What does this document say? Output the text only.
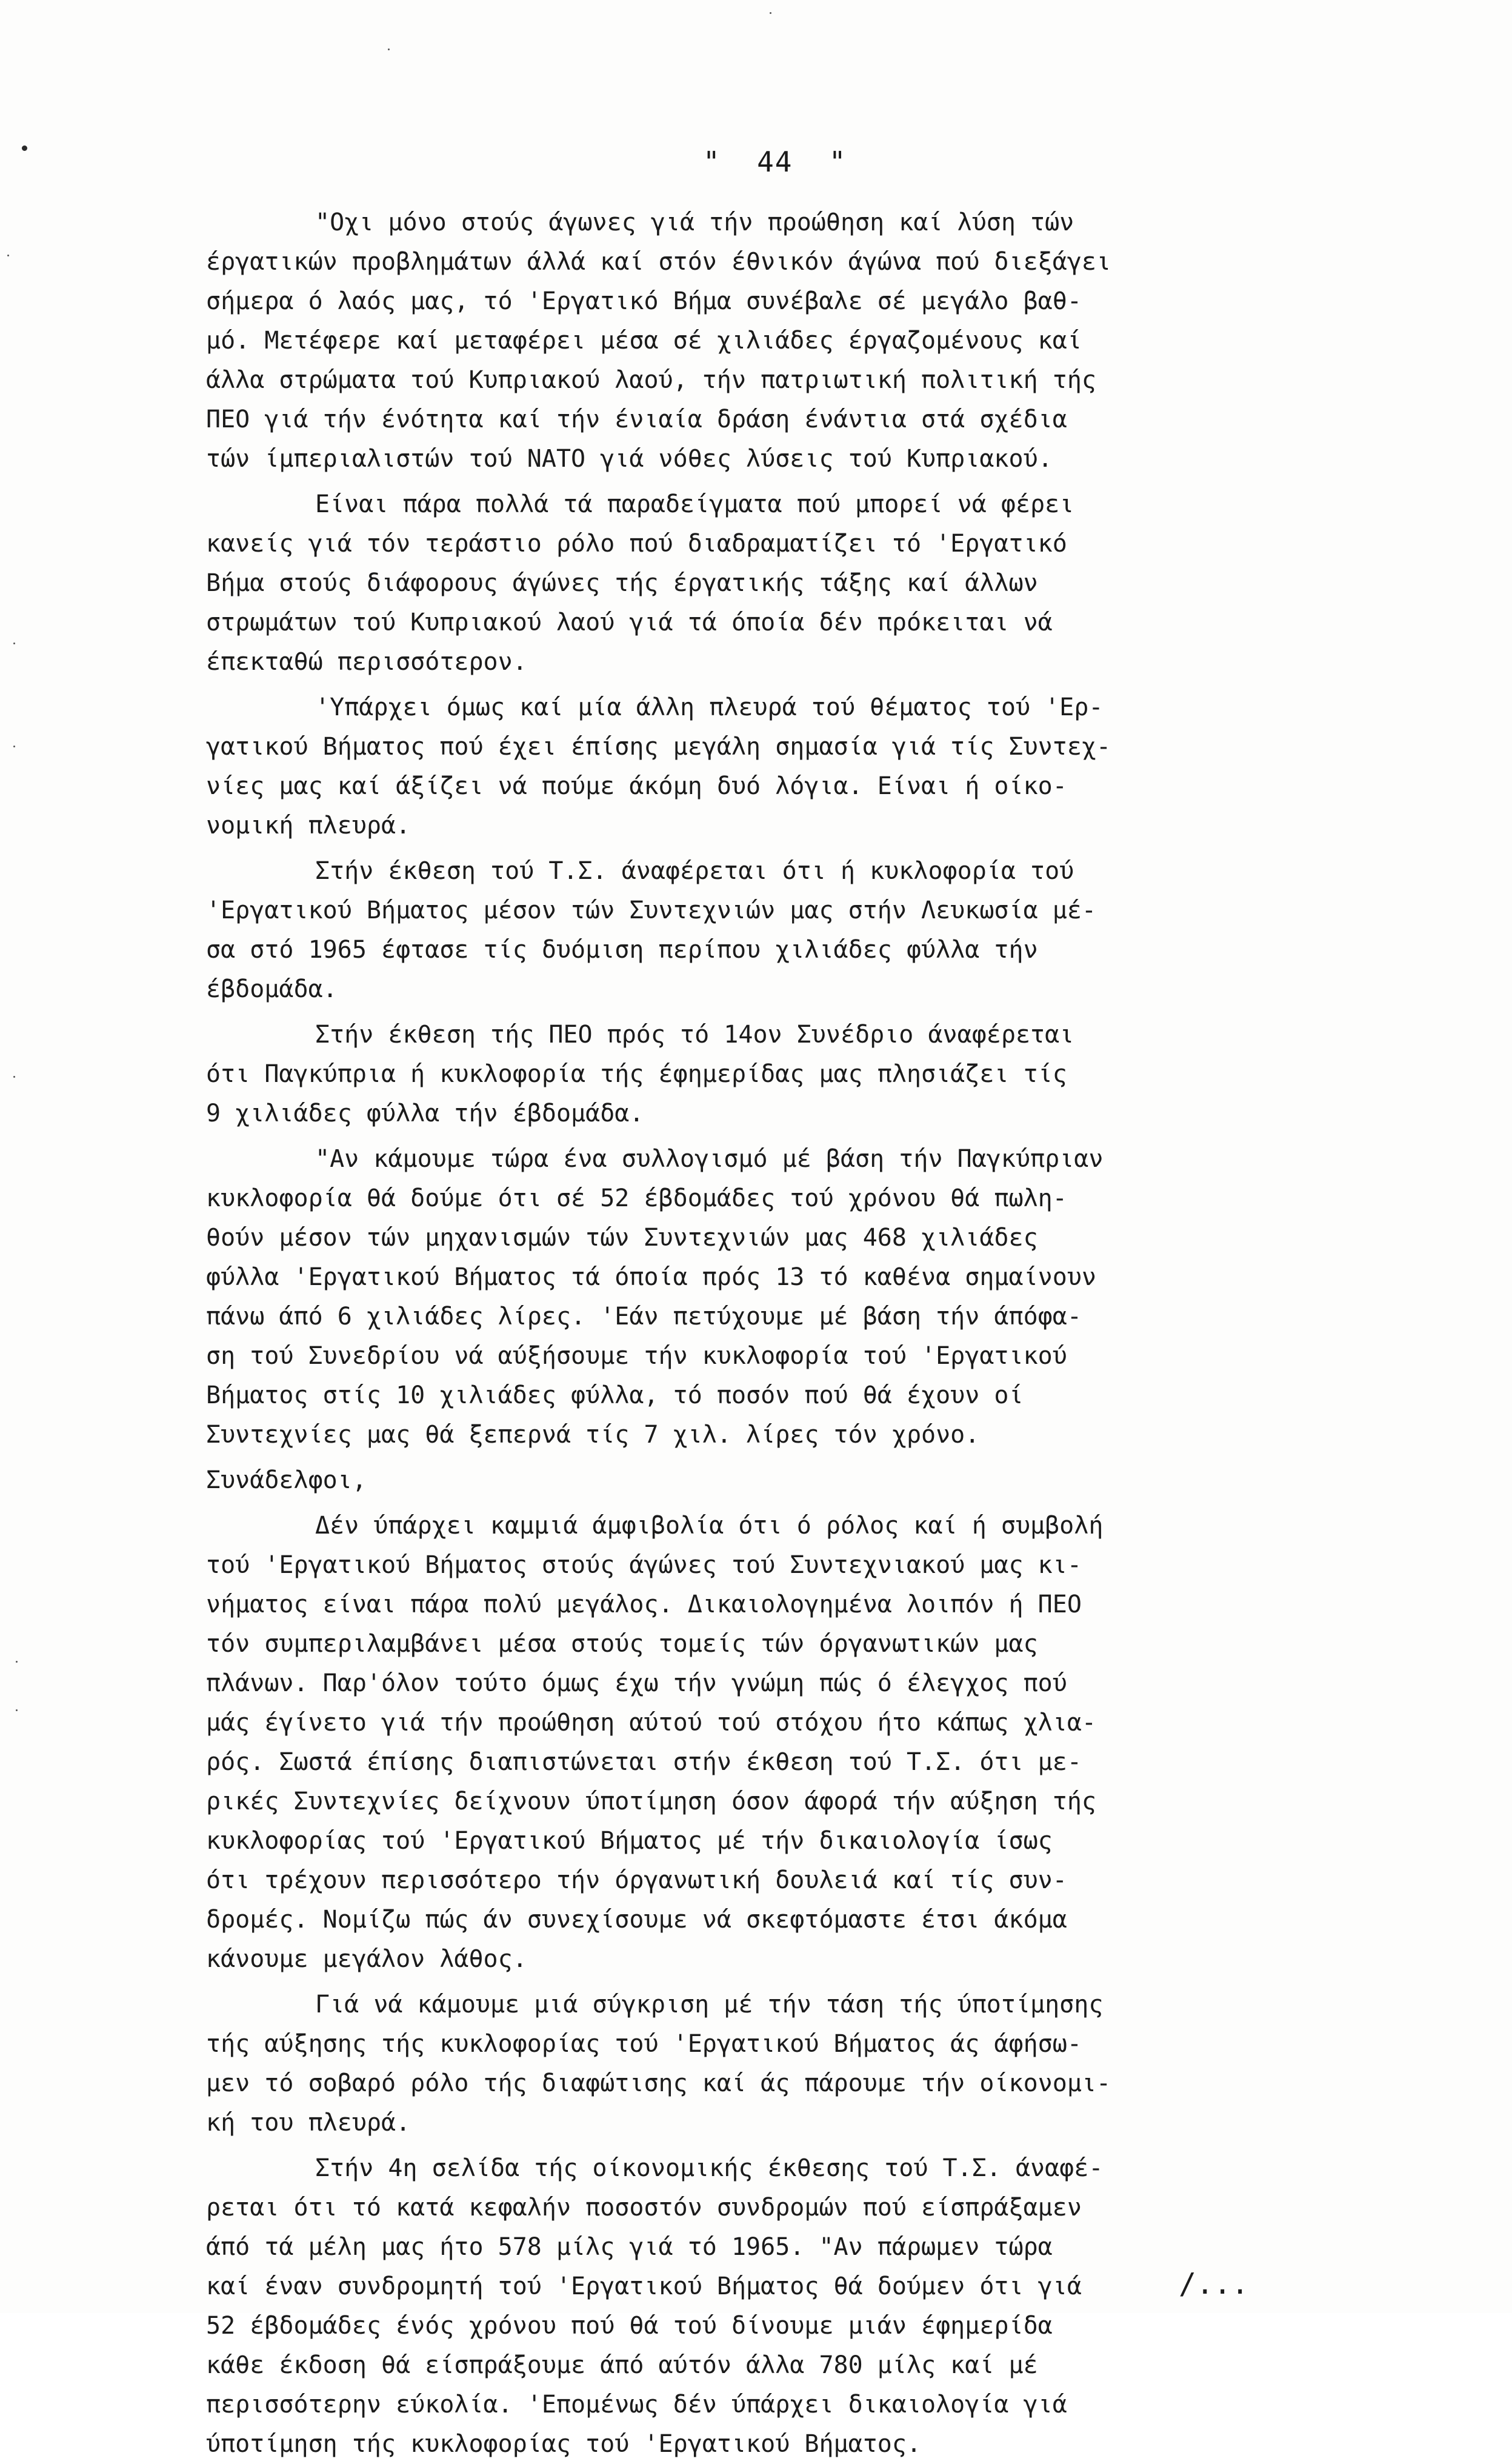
"  44  "
Συνάδελφοι,
/...
"Οχι μόνο στούς άγωνες γιά τήν προώθηση καί λύση τών
έργατικών προβλημάτων άλλά καί στόν έθνικόν άγώνα πού διεξάγει
σήμερα ό λαός μας, τό 'Εργατικό Βήμα συνέβαλε σέ μεγάλο βαθ-
μό. Μετέφερε καί μεταφέρει μέσα σέ χιλιάδες έργαζομένους καί
άλλα στρώματα τού Κυπριακού λαού, τήν πατριωτική πολιτική τής
ΠΕΟ γιά τήν ένότητα καί τήν ένιαία δράση ένάντια στά σχέδια
τών ίμπεριαλιστών τού ΝΑΤΟ γιά νόθες λύσεις τού Κυπριακού.
Είναι πάρα πολλά τά παραδείγματα πού μπορεί νά φέρει
κανείς γιά τόν τεράστιο ρόλο πού διαδραματίζει τό 'Εργατικό
Βήμα στούς διάφορους άγώνες τής έργατικής τάξης καί άλλων
στρωμάτων τού Κυπριακού λαού γιά τά όποία δέν πρόκειται νά
έπεκταθώ περισσότερον.
'Υπάρχει όμως καί μία άλλη πλευρά τού θέματος τού 'Ερ-
γατικού Βήματος πού έχει έπίσης μεγάλη σημασία γιά τίς Συντεχ-
νίες μας καί άξίζει νά πούμε άκόμη δυό λόγια. Είναι ή οίκο-
νομική πλευρά.
Στήν έκθεση τού Τ.Σ. άναφέρεται ότι ή κυκλοφορία τού
'Εργατικού Βήματος μέσον τών Συντεχνιών μας στήν Λευκωσία μέ-
σα στό 1965 έφτασε τίς δυόμιση περίπου χιλιάδες φύλλα τήν
έβδομάδα.
Στήν έκθεση τής ΠΕΟ πρός τό 14ον Συνέδριο άναφέρεται
ότι Παγκύπρια ή κυκλοφορία τής έφημερίδας μας πλησιάζει τίς
9 χιλιάδες φύλλα τήν έβδομάδα.
"Αν κάμουμε τώρα ένα συλλογισμό μέ βάση τήν Παγκύπριαν
κυκλοφορία θά δούμε ότι σέ 52 έβδομάδες τού χρόνου θά πωλη-
θούν μέσον τών μηχανισμών τών Συντεχνιών μας 468 χιλιάδες
φύλλα 'Εργατικού Βήματος τά όποία πρός 13 τό καθένα σημαίνουν
πάνω άπό 6 χιλιάδες λίρες. 'Εάν πετύχουμε μέ βάση τήν άπόφα-
ση τού Συνεδρίου νά αύξήσουμε τήν κυκλοφορία τού 'Εργατικού
Βήματος στίς 10 χιλιάδες φύλλα, τό ποσόν πού θά έχουν οί
Συντεχνίες μας θά ξεπερνά τίς 7 χιλ. λίρες τόν χρόνο.
Δέν ύπάρχει καμμιά άμφιβολία ότι ό ρόλος καί ή συμβολή
τού 'Εργατικού Βήματος στούς άγώνες τού Συντεχνιακού μας κι-
νήματος είναι πάρα πολύ μεγάλος. Δικαιολογημένα λοιπόν ή ΠΕΟ
τόν συμπεριλαμβάνει μέσα στούς τομείς τών όργανωτικών μας
πλάνων. Παρ'όλον τούτο όμως έχω τήν γνώμη πώς ό έλεγχος πού
μάς έγίνετο γιά τήν προώθηση αύτού τού στόχου ήτο κάπως χλια-
ρός. Σωστά έπίσης διαπιστώνεται στήν έκθεση τού Τ.Σ. ότι με-
ρικές Συντεχνίες δείχνουν ύποτίμηση όσον άφορά τήν αύξηση τής
κυκλοφορίας τού 'Εργατικού Βήματος μέ τήν δικαιολογία ίσως
ότι τρέχουν περισσότερο τήν όργανωτική δουλειά καί τίς συν-
δρομές. Νομίζω πώς άν συνεχίσουμε νά σκεφτόμαστε έτσι άκόμα
κάνουμε μεγάλον λάθος.
Γιά νά κάμουμε μιά σύγκριση μέ τήν τάση τής ύποτίμησης
τής αύξησης τής κυκλοφορίας τού 'Εργατικού Βήματος άς άφήσω-
μεν τό σοβαρό ρόλο τής διαφώτισης καί άς πάρουμε τήν οίκονομι-
κή του πλευρά.
Στήν 4η σελίδα τής οίκονομικής έκθεσης τού Τ.Σ. άναφέ-
ρεται ότι τό κατά κεφαλήν ποσοστόν συνδρομών πού είσπράξαμεν
άπό τά μέλη μας ήτο 578 μίλς γιά τό 1965. "Αν πάρωμεν τώρα
καί έναν συνδρομητή τού 'Εργατικού Βήματος θά δούμεν ότι γιά
52 έβδομάδες ένός χρόνου πού θά τού δίνουμε μιάν έφημερίδα
κάθε έκδοση θά είσπράξουμε άπό αύτόν άλλα 780 μίλς καί μέ
περισσότερην εύκολία. 'Επομένως δέν ύπάρχει δικαιολογία γιά
ύποτίμηση τής κυκλοφορίας τού 'Εργατικού Βήματος.
